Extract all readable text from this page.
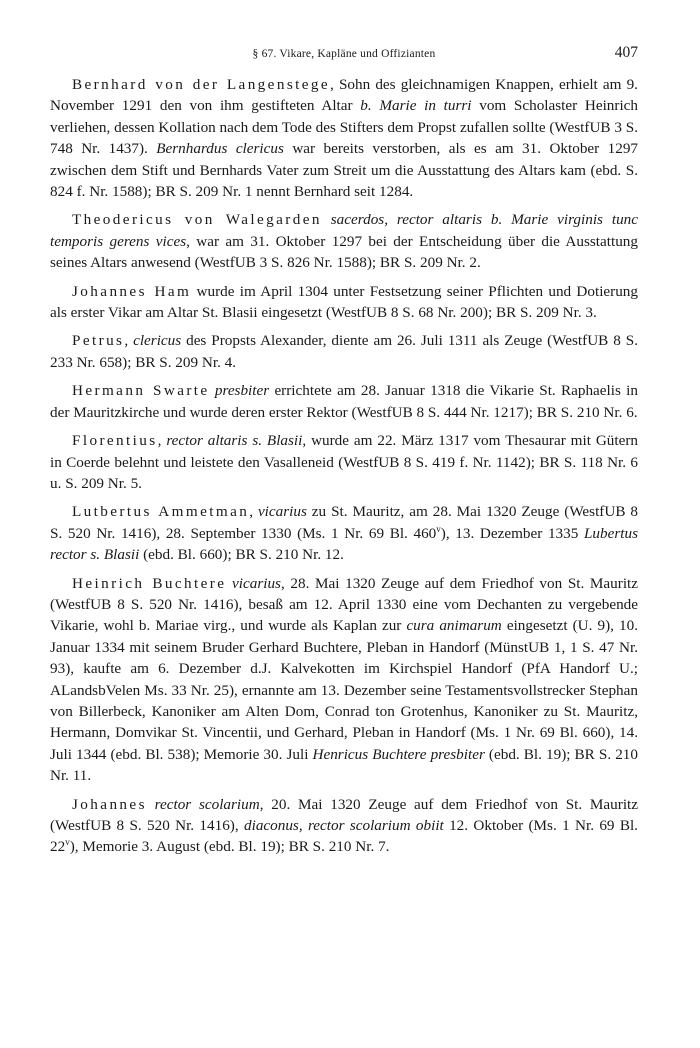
§ 67. Vikare, Kapläne und Offizianten	407

Bernhard von der Langenstege, Sohn des gleichnamigen Knappen, erhielt am 9. November 1291 den von ihm gestifteten Altar b. Marie in turri vom Scholaster Heinrich verliehen, dessen Kollation nach dem Tode des Stifters dem Propst zufallen sollte (WestfUB 3 S. 748 Nr. 1437). Bernhardus clericus war bereits verstorben, als es am 31. Oktober 1297 zwischen dem Stift und Bernhards Vater zum Streit um die Ausstattung des Altars kam (ebd. S. 824 f. Nr. 1588); BR S. 209 Nr. 1 nennt Bernhard seit 1284.

Theodericus von Walegarden sacerdos, rector altaris b. Marie virginis tunc temporis gerens vices, war am 31. Oktober 1297 bei der Entscheidung über die Ausstattung seines Altars anwesend (WestfUB 3 S. 826 Nr. 1588); BR S. 209 Nr. 2.

Johannes Ham wurde im April 1304 unter Festsetzung seiner Pflichten und Dotierung als erster Vikar am Altar St. Blasii eingesetzt (WestfUB 8 S. 68 Nr. 200); BR S. 209 Nr. 3.

Petrus, clericus des Propsts Alexander, diente am 26. Juli 1311 als Zeuge (WestfUB 8 S. 233 Nr. 658); BR S. 209 Nr. 4.

Hermann Swarte presbiter errichtete am 28. Januar 1318 die Vikarie St. Raphaelis in der Mauritzkirche und wurde deren erster Rektor (WestfUB 8 S. 444 Nr. 1217); BR S. 210 Nr. 6.

Florentius, rector altaris s. Blasii, wurde am 22. März 1317 vom Thesaurar mit Gütern in Coerde belehnt und leistete den Vasalleneid (WestfUB 8 S. 419 f. Nr. 1142); BR S. 118 Nr. 6 u. S. 209 Nr. 5.

Lutbertus Ammetman, vicarius zu St. Mauritz, am 28. Mai 1320 Zeuge (WestfUB 8 S. 520 Nr. 1416), 28. September 1330 (Ms. 1 Nr. 69 Bl. 460$^v$), 13. Dezember 1335 Lubertus rector s. Blasii (ebd. Bl. 660); BR S. 210 Nr. 12.

Heinrich Buchtere vicarius, 28. Mai 1320 Zeuge auf dem Friedhof von St. Mauritz (WestfUB 8 S. 520 Nr. 1416), besaß am 12. April 1330 eine vom Dechanten zu vergebende Vikarie, wohl b. Mariae virg., und wurde als Kaplan zur cura animarum eingesetzt (U. 9), 10. Januar 1334 mit seinem Bruder Gerhard Buchtere, Pleban in Handorf (MünstUB 1, 1 S. 47 Nr. 93), kaufte am 6. Dezember d.J. Kalvekotten im Kirchspiel Handorf (PfA Handorf U.; ALandsbVelen Ms. 33 Nr. 25), ernannte am 13. Dezember seine Testamentsvollstrecker Stephan von Billerbeck, Kanoniker am Alten Dom, Conrad ton Grotenhus, Kanoniker zu St. Mauritz, Hermann, Domvikar St. Vincentii, und Gerhard, Pleban in Handorf (Ms. 1 Nr. 69 Bl. 660), 14. Juli 1344 (ebd. Bl. 538); Memorie 30. Juli Henricus Buchtere presbiter (ebd. Bl. 19); BR S. 210 Nr. 11.

Johannes rector scolarium, 20. Mai 1320 Zeuge auf dem Friedhof von St. Mauritz (WestfUB 8 S. 520 Nr. 1416), diaconus, rector scolarium obiit 12. Oktober (Ms. 1 Nr. 69 Bl. 22$^v$), Memorie 3. August (ebd. Bl. 19); BR S. 210 Nr. 7.
